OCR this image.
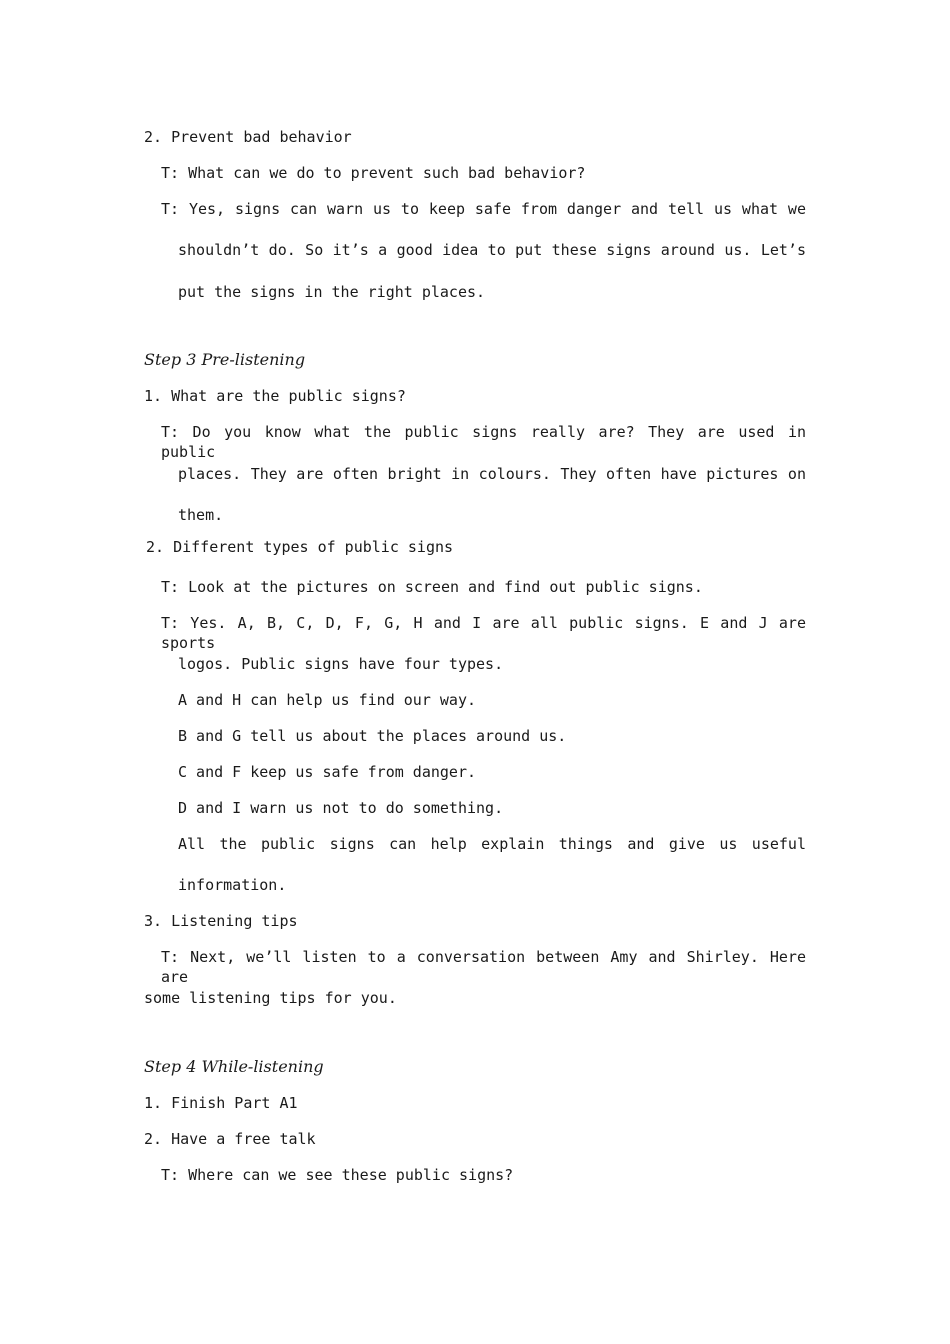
2. Prevent bad behavior
T: What can we do to prevent such bad behavior?
T: Yes, signs can warn us to keep safe from danger and tell us what we
shouldn’t do. So it’s a good idea to put these signs around us. Let’s
put the signs in the right places.
Step 3 Pre-listening
1. What are the public signs?
T: Do you know what the public signs really are? They are used in public
places. They are often bright in colours. They often have pictures on
them.
2. Different types of public signs
T: Look at the pictures on screen and find out public signs.
T: Yes. A, B, C, D, F, G, H and I are all public signs. E and J are sports
logos. Public signs have four types.
A and H can help us find our way.
B and G tell us about the places around us.
C and F keep us safe from danger.
D and I warn us not to do something.
All the public signs can help explain things and give us useful
information.
3. Listening tips
T: Next, we’ll listen to a conversation between Amy and Shirley. Here are
some listening tips for you.
Step 4 While-listening
1. Finish Part A1
2. Have a free talk
T: Where can we see these public signs?
